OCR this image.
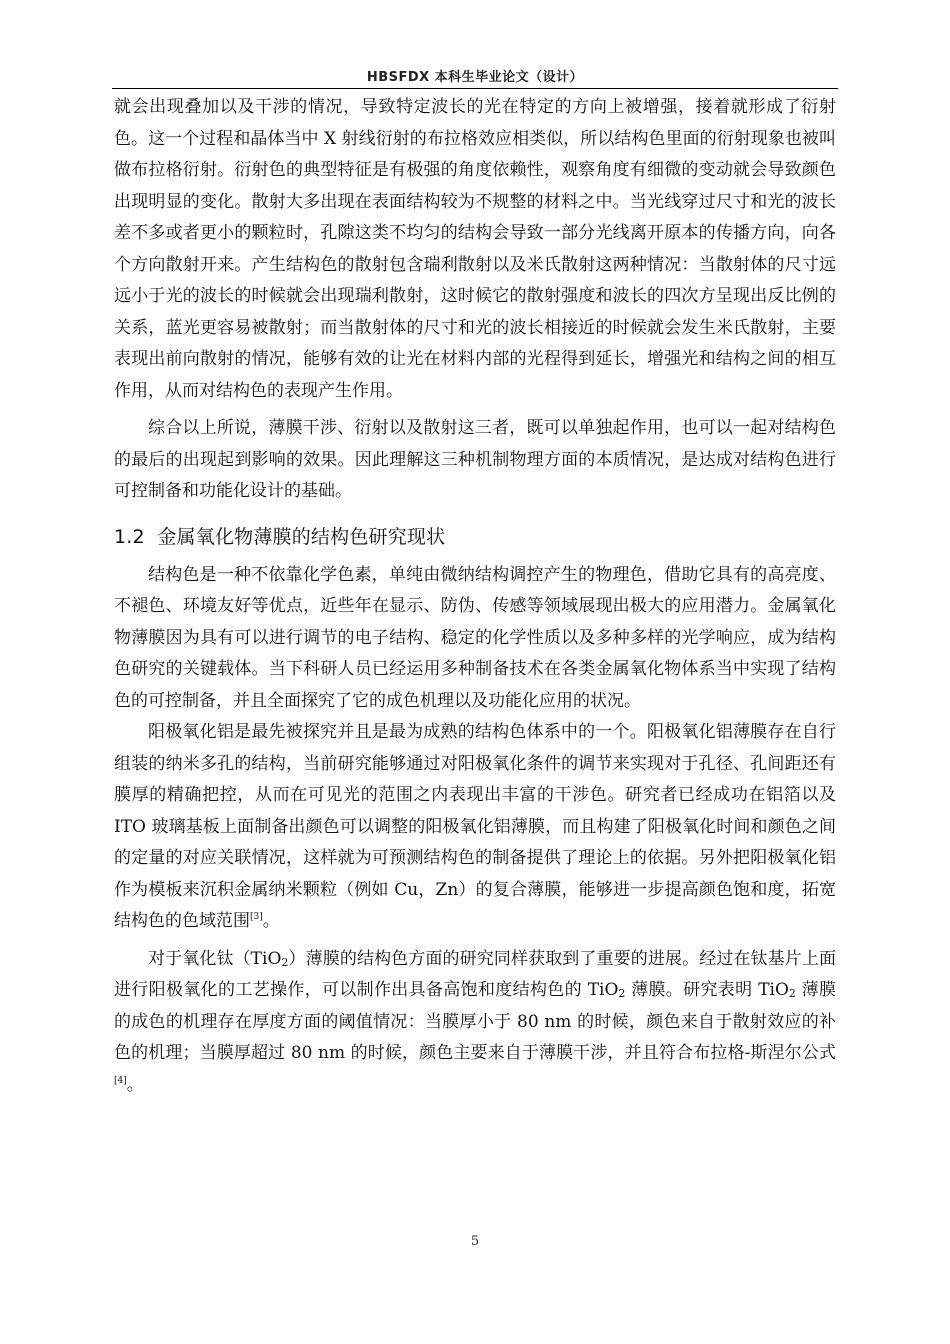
HBSFDX 本科生毕业论文（设计）

就会出现叠加以及干涉的情况，导致特定波长的光在特定的方向上被增强，接着就形成了衍射色。这一个过程和晶体当中 X 射线衍射的布拉格效应相类似，所以结构色里面的衍射现象也被叫做布拉格衍射。衍射色的典型特征是有极强的角度依赖性，观察角度有细微的变动就会导致颜色出现明显的变化。散射大多出现在表面结构较为不规整的材料之中。当光线穿过尺寸和光的波长差不多或者更小的颗粒时，孔隙这类不均匀的结构会导致一部分光线离开原本的传播方向，向各个方向散射开来。产生结构色的散射包含瑞利散射以及米氏散射这两种情况：当散射体的尺寸远远小于光的波长的时候就会出现瑞利散射，这时候它的散射强度和波长的四次方呈现出反比例的关系，蓝光更容易被散射；而当散射体的尺寸和光的波长相接近的时候就会发生米氏散射，主要表现出前向散射的情况，能够有效的让光在材料内部的光程得到延长，增强光和结构之间的相互作用，从而对结构色的表现产生作用。

综合以上所说，薄膜干涉、衍射以及散射这三者，既可以单独起作用，也可以一起对结构色的最后的出现起到影响的效果。因此理解这三种机制物理方面的本质情况，是达成对结构色进行可控制备和功能化设计的基础。

1.2 金属氧化物薄膜的结构色研究现状

结构色是一种不依靠化学色素，单纯由微纳结构调控产生的物理色，借助它具有的高亮度、不褪色、环境友好等优点，近些年在显示、防伪、传感等领域展现出极大的应用潜力。金属氧化物薄膜因为具有可以进行调节的电子结构、稳定的化学性质以及多种多样的光学响应，成为结构色研究的关键载体。当下科研人员已经运用多种制备技术在各类金属氧化物体系当中实现了结构色的可控制备，并且全面探究了它的成色机理以及功能化应用的状况。

阳极氧化铝是最先被探究并且是最为成熟的结构色体系中的一个。阳极氧化铝薄膜存在自行组装的纳米多孔的结构，当前研究能够通过对阳极氧化条件的调节来实现对于孔径、孔间距还有膜厚的精确把控，从而在可见光的范围之内表现出丰富的干涉色。研究者已经成功在铝箔以及 ITO 玻璃基板上面制备出颜色可以调整的阳极氧化铝薄膜，而且构建了阳极氧化时间和颜色之间的定量的对应关联情况，这样就为可预测结构色的制备提供了理论上的依据。另外把阳极氧化铝作为模板来沉积金属纳米颗粒（例如 Cu，Zn）的复合薄膜，能够进一步提高颜色饱和度，拓宽结构色的色域范围[3]。

对于氧化钛（TiO$_2$）薄膜的结构色方面的研究同样获取到了重要的进展。经过在钛基片上面进行阳极氧化的工艺操作，可以制作出具备高饱和度结构色的 TiO$_2$ 薄膜。研究表明 TiO$_2$ 薄膜的成色的机理存在厚度方面的阈值情况：当膜厚小于 80 nm 的时候，颜色来自于散射效应的补色的机理；当膜厚超过 80 nm 的时候，颜色主要来自于薄膜干涉，并且符合布拉格-斯涅尔公式[4]。

5
